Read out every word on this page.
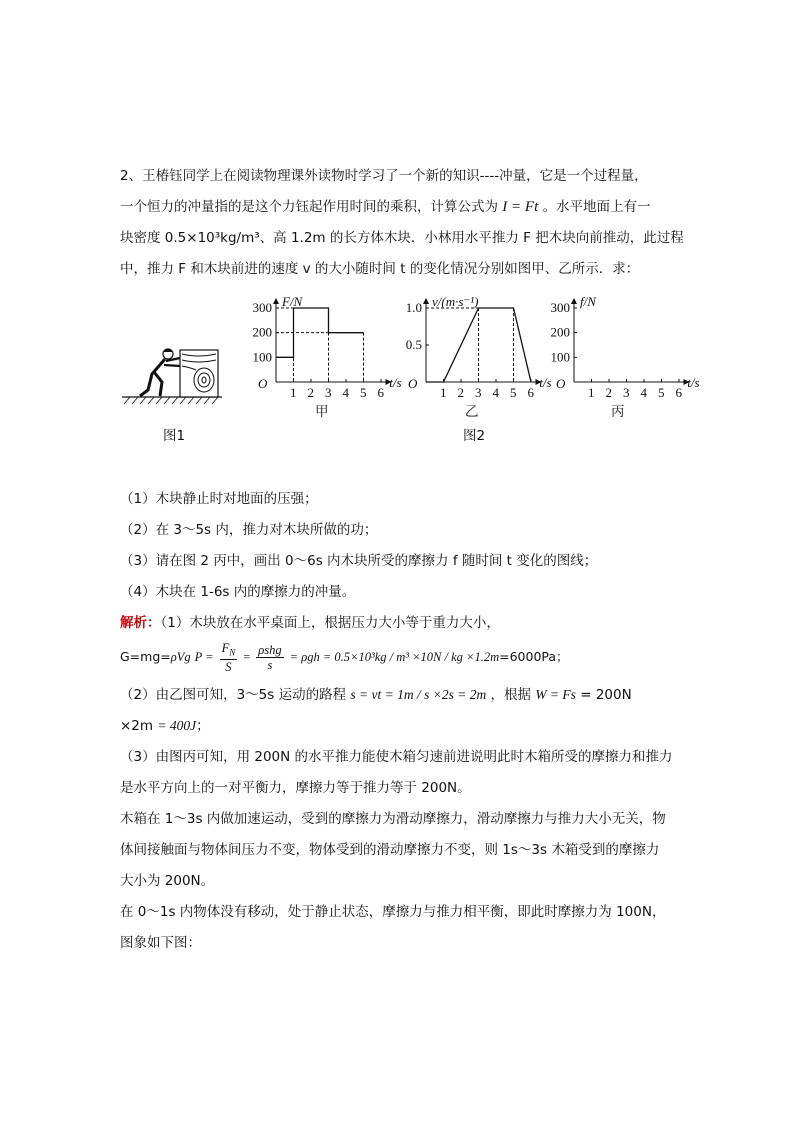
2、王椿钰同学上在阅读物理课外读物时学习了一个新的知识----冲量，它是一个过程量，
一个恒力的冲量指的是这个力钰起作用时间的乘积，计算公式为 I = Ft 。水平地面上有一
块密度 0.5×10³kg/m³、高 1.2m 的长方体木块．小林用水平推力 F 把木块向前推动，此过程
中，推力 F 和木块前进的速度 v 的大小随时间 t 的变化情况分别如图甲、乙所示．求：
图1
F/N
t/s
O
1 2 3 4 5 6
100
200
300
甲
v/(m·s⁻¹)
t/s
O
1 2 3 4 5 6
0.5
1.0
乙
图2
f/N
t/s
O
1 2 3 4 5 6
100
200
300
丙
（1）木块静止时对地面的压强；
（2）在 3～5s 内，推力对木块所做的功；
（3）请在图 2 丙中，画出 0～6s 内木块所受的摩擦力 f 随时间 t 变化的图线；
（4）木块在 1-6s 内的摩擦力的冲量。
解析：（1）木块放在水平桌面上，根据压力大小等于重力大小，
G=mg=ρVg $P = \frac{F_N}{S} = \frac{\text{ρshg}}{s} = \rho gh = 0.5\times 10^3kg / m^3 \times 10N$ / kg ×1.2m=6000Pa；
（2）由乙图可知，3～5s 运动的路程 s = vt = 1m / s ×2s = 2m ，根据 W = Fs = 200N
×2m = 400J；
（3）由图丙可知，用 200N 的水平推力能使木箱匀速前进说明此时木箱所受的摩擦力和推力
是水平方向上的一对平衡力，摩擦力等于推力等于 200N。
木箱在 1～3s 内做加速运动，受到的摩擦力为滑动摩擦力，滑动摩擦力与推力大小无关，物
体间接触面与物体间压力不变，物体受到的滑动摩擦力不变，则 1s～3s 木箱受到的摩擦力
大小为 200N。
在 0～1s 内物体没有移动，处于静止状态，摩擦力与推力相平衡，即此时摩擦力为 100N，
图象如下图：
